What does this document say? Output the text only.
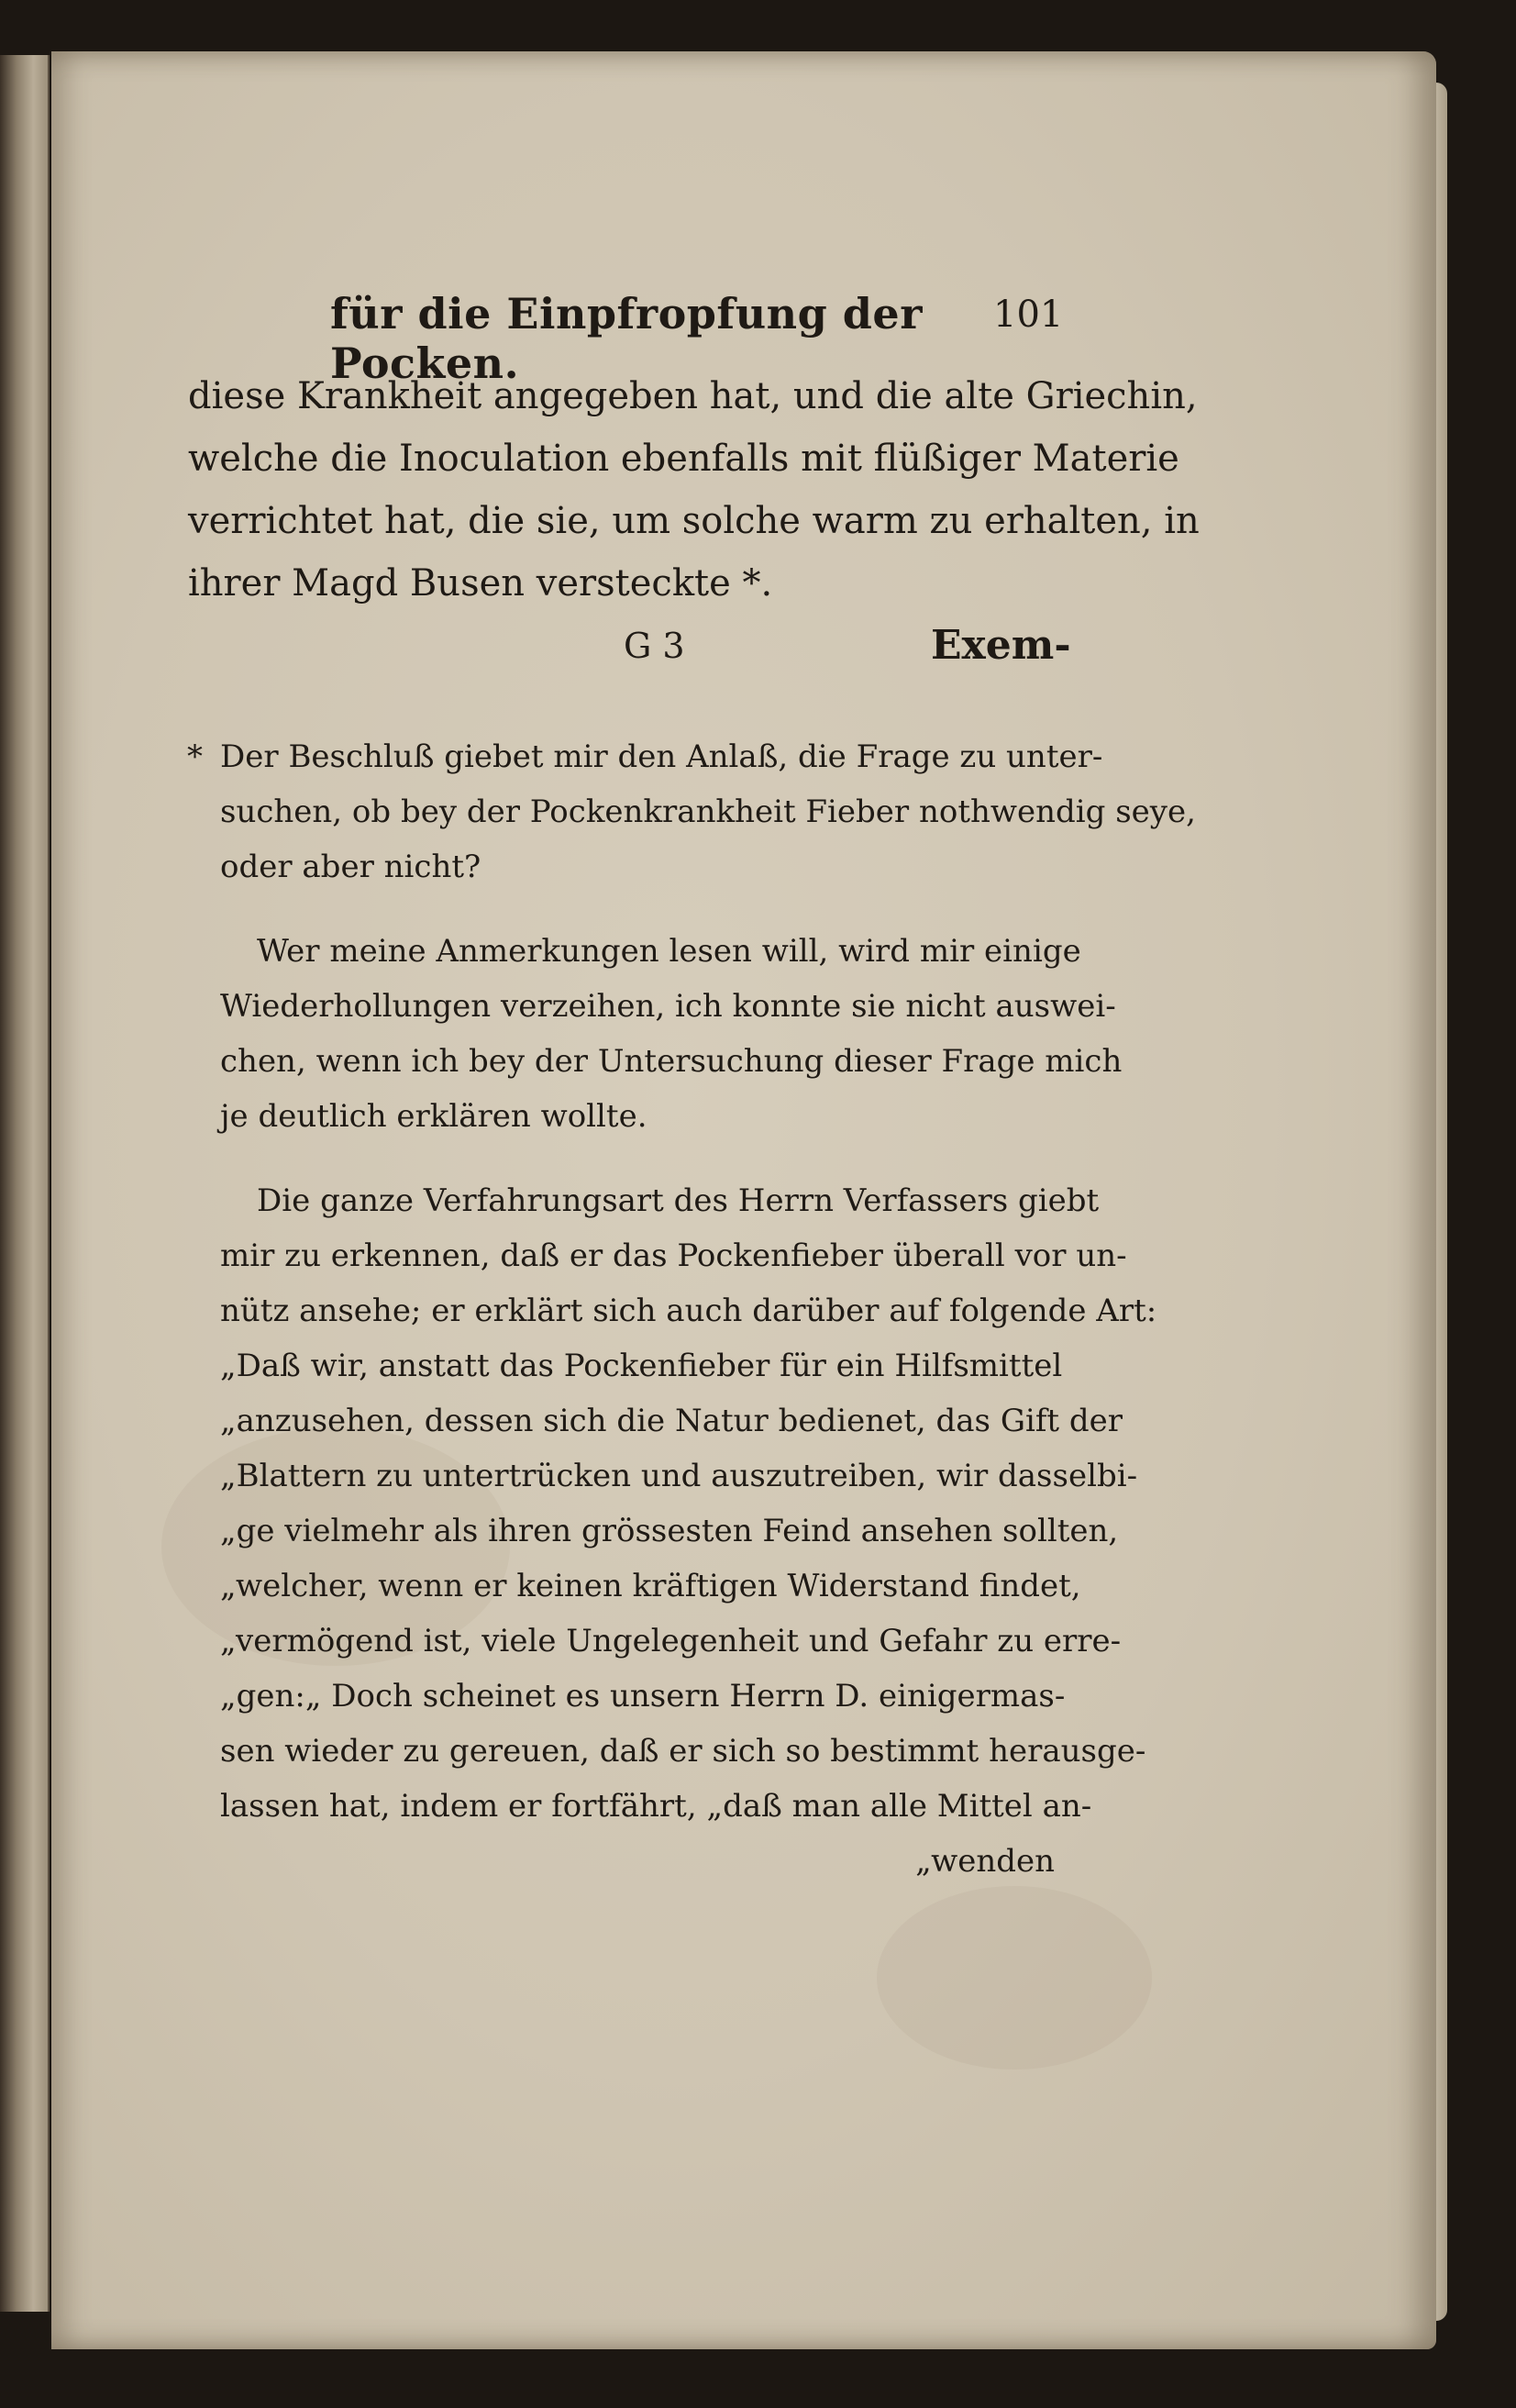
für die Einpfropfung der Pocken.
101
diese Krankheit angegeben hat, und die alte Griechin,
welche die Inoculation ebenfalls mit flüßiger Materie
verrichtet hat, die sie, um solche warm zu erhalten, in
ihrer Magd Busen versteckte *.
G 3	Exem-
* Der Beschluß giebet mir den Anlaß, die Frage zu unter-
suchen, ob bey der Pockenkrankheit Fieber nothwendig seye,
oder aber nicht?
Wer meine Anmerkungen lesen will, wird mir einige
Wiederhollungen verzeihen, ich konnte sie nicht auswei-
chen, wenn ich bey der Untersuchung dieser Frage mich
je deutlich erklären wollte.
Die ganze Verfahrungsart des Herrn Verfassers giebt
mir zu erkennen, daß er das Pockenfieber überall vor un-
nütz ansehe; er erklärt sich auch darüber auf folgende Art:
„Daß wir, anstatt das Pockenfieber für ein Hilfsmittel
„anzusehen, dessen sich die Natur bedienet, das Gift der
„Blattern zu untertrücken und auszutreiben, wir dasselbi-
„ge vielmehr als ihren grössesten Feind ansehen sollten,
„welcher, wenn er keinen kräftigen Widerstand findet,
„vermögend ist, viele Ungelegenheit und Gefahr zu erre-
„gen:„ Doch scheinet es unsern Herrn D. einigermas-
sen wieder zu gereuen, daß er sich so bestimmt herausge-
lassen hat, indem er fortfährt, „daß man alle Mittel an-
„wenden
